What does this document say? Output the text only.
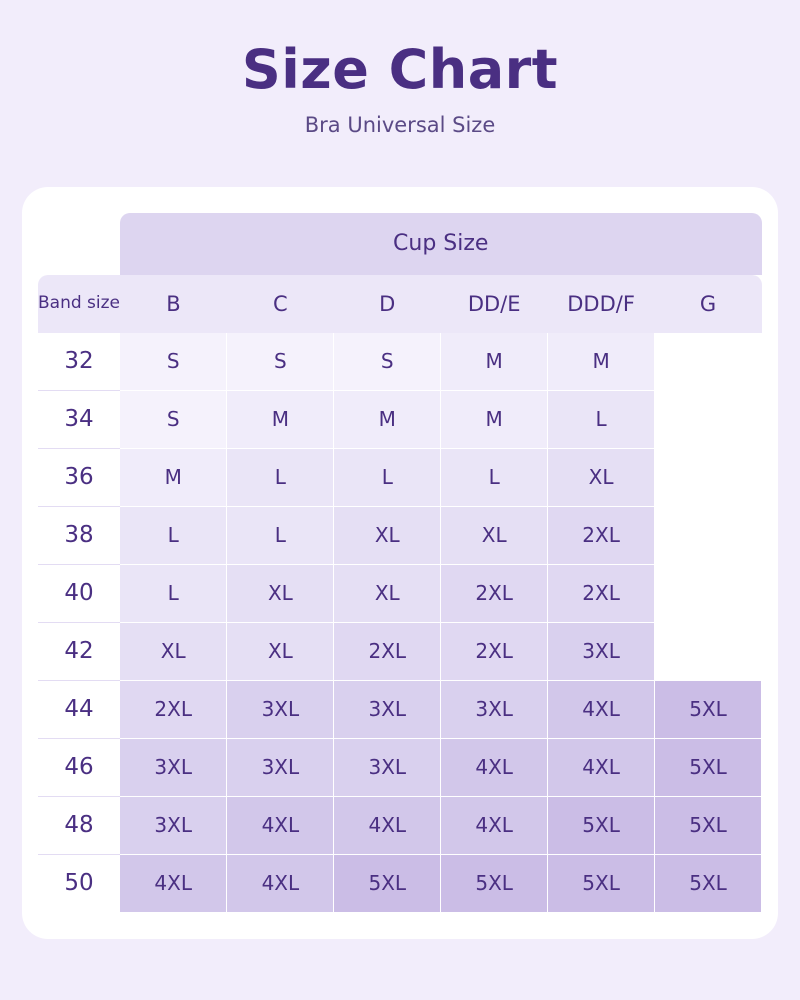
Size Chart
Bra Universal Size
	Cup Size					
Band size	B	C	D	DD/E	DDD/F	G
32	S	S	S	M	M	
34	S	M	M	M	L	
36	M	L	L	L	XL	
38	L	L	XL	XL	2XL	
40	L	XL	XL	2XL	2XL	
42	XL	XL	2XL	2XL	3XL	
44	2XL	3XL	3XL	3XL	4XL	5XL
46	3XL	3XL	3XL	4XL	4XL	5XL
48	3XL	4XL	4XL	4XL	5XL	5XL
50	4XL	4XL	5XL	5XL	5XL	5XL
